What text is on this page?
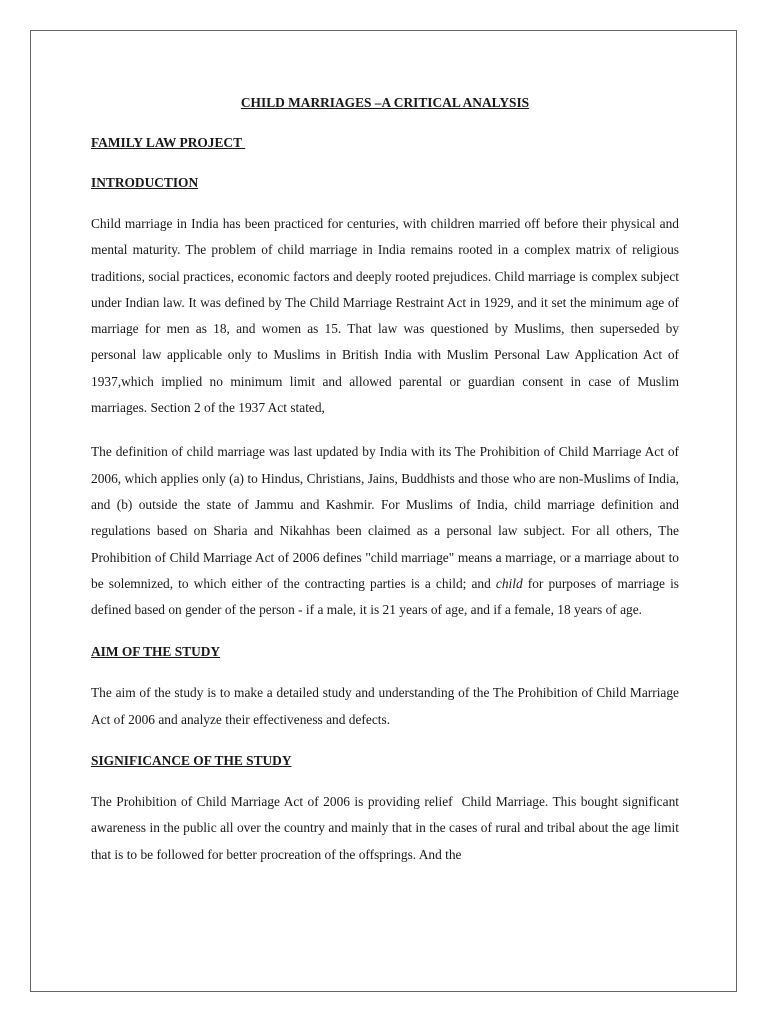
CHILD MARRIAGES –A CRITICAL ANALYSIS
FAMILY LAW PROJECT
INTRODUCTION

Child marriage in India has been practiced for centuries, with children married off before their physical and mental maturity. The problem of child marriage in India remains rooted in a complex matrix of religious traditions, social practices, economic factors and deeply rooted prejudices. Child marriage is complex subject under Indian law. It was defined by The Child Marriage Restraint Act in 1929, and it set the minimum age of marriage for men as 18, and women as 15. That law was questioned by Muslims, then superseded by personal law applicable only to Muslims in British India with Muslim Personal Law Application Act of 1937,which implied no minimum limit and allowed parental or guardian consent in case of Muslim marriages. Section 2 of the 1937 Act stated,

The definition of child marriage was last updated by India with its The Prohibition of Child Marriage Act of 2006, which applies only (a) to Hindus, Christians, Jains, Buddhists and those who are non-Muslims of India, and (b) outside the state of Jammu and Kashmir. For Muslims of India, child marriage definition and regulations based on Sharia and Nikahhas been claimed as a personal law subject. For all others, The Prohibition of Child Marriage Act of 2006 defines "child marriage" means a marriage, or a marriage about to be solemnized, to which either of the contracting parties is a child; and child for purposes of marriage is defined based on gender of the person - if a male, it is 21 years of age, and if a female, 18 years of age.

AIM OF THE STUDY

The aim of the study is to make a detailed study and understanding of the The Prohibition of Child Marriage Act of 2006 and analyze their effectiveness and defects.

SIGNIFICANCE OF THE STUDY

The Prohibition of Child Marriage Act of 2006 is providing relief  Child Marriage. This bought significant awareness in the public all over the country and mainly that in the cases of rural and tribal about the age limit that is to be followed for better procreation of the offsprings. And the
